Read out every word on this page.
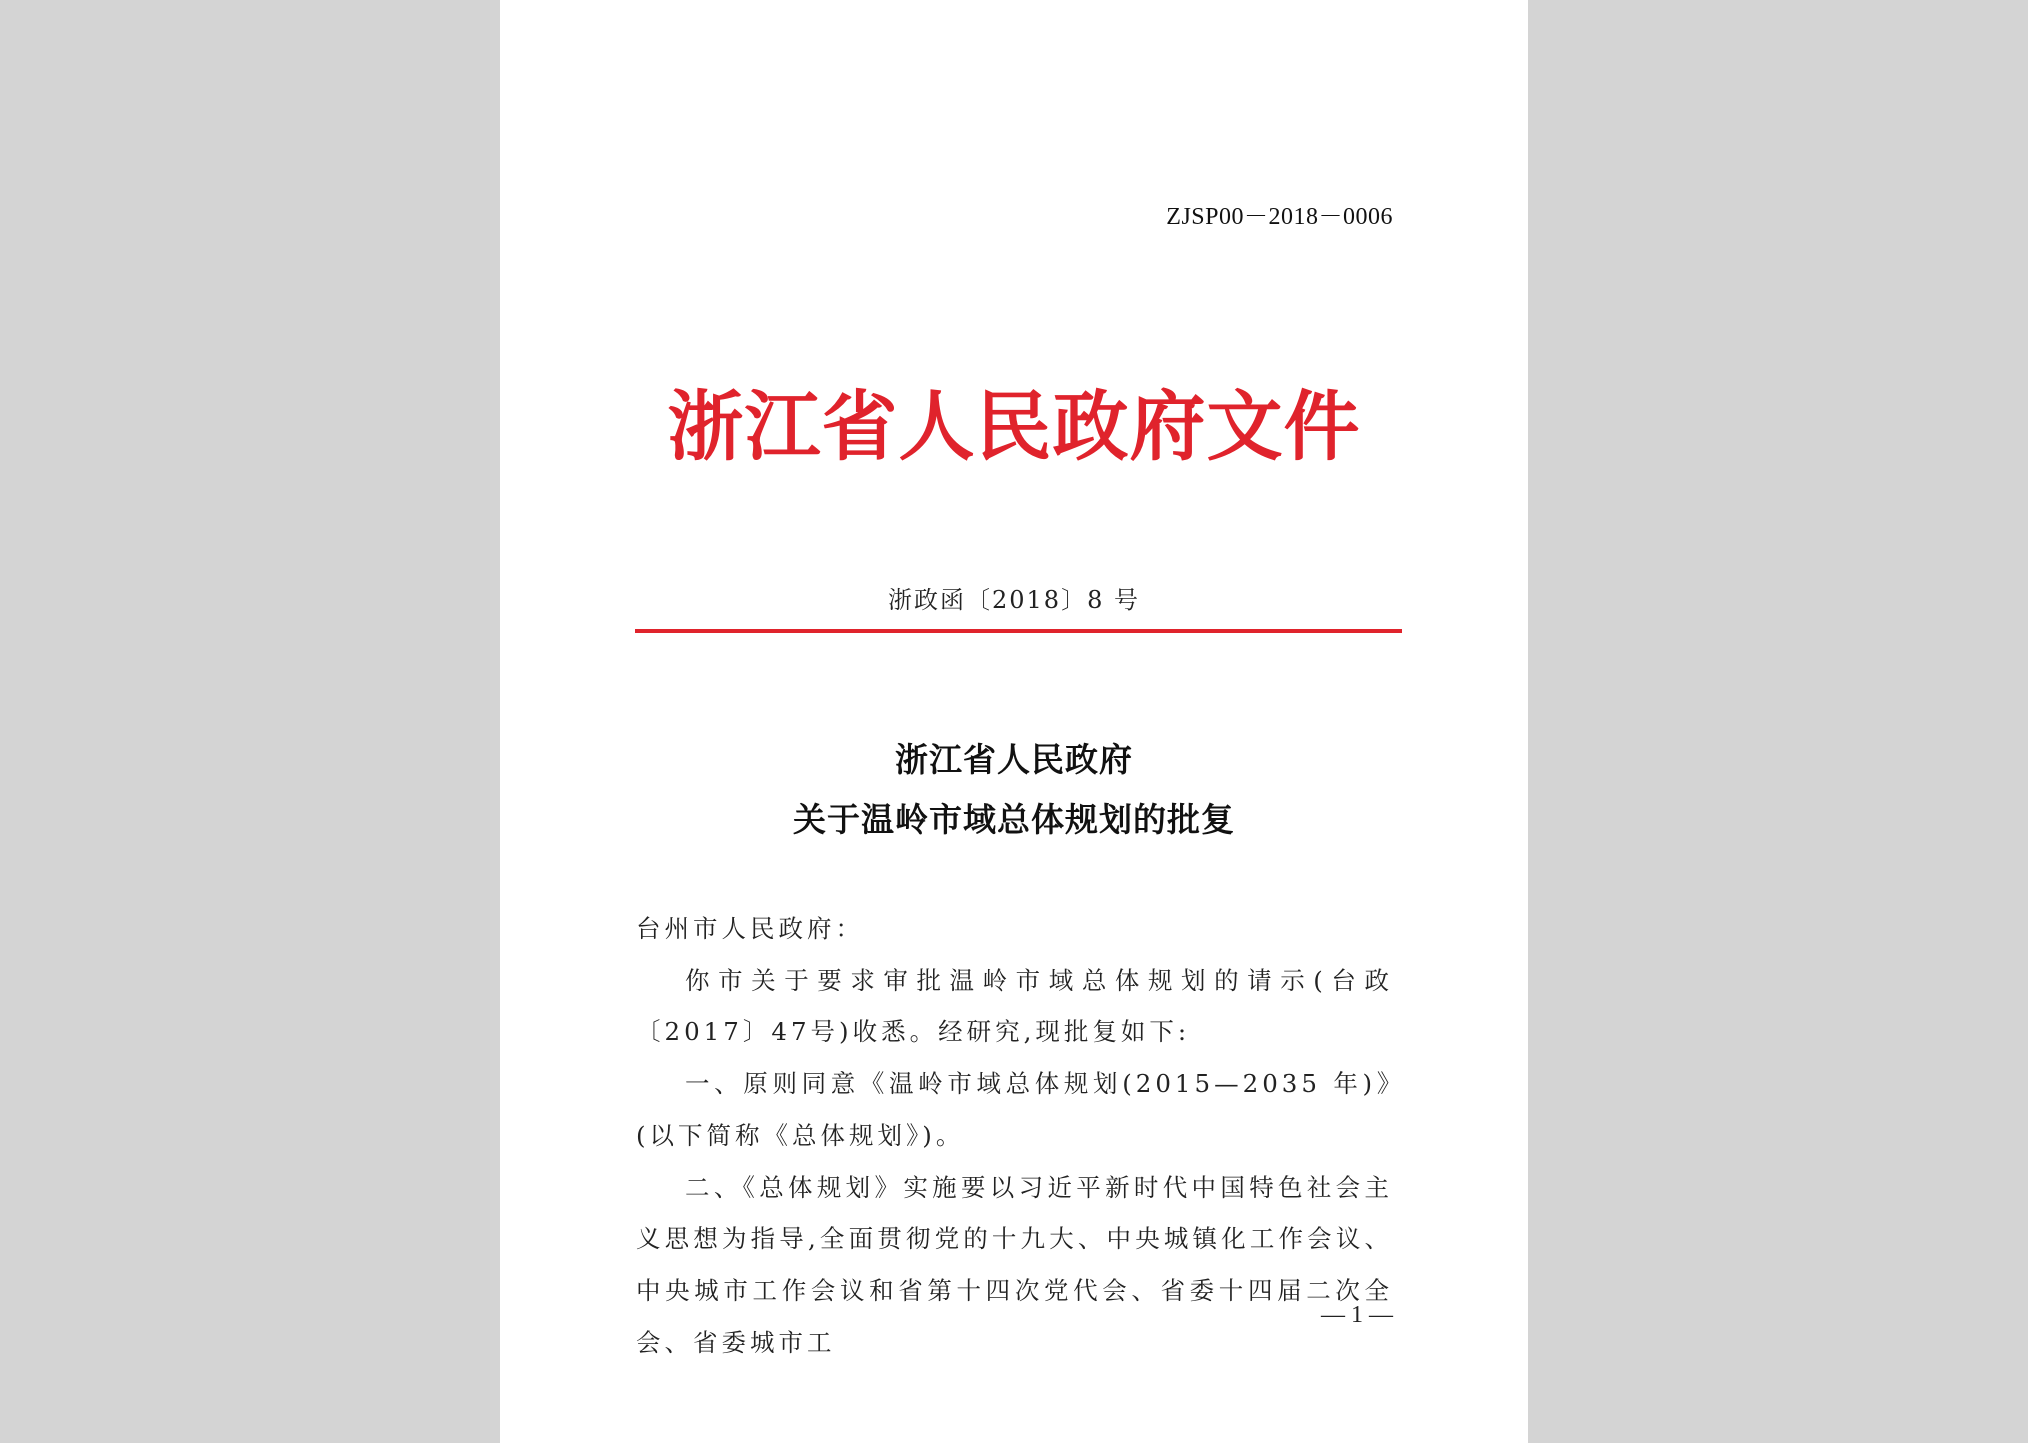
ZJSP00－2018－0006
浙江省人民政府文件
浙政函〔2018〕8 号
浙江省人民政府
关于温岭市域总体规划的批复

台州市人民政府：

你市关于要求审批温岭市域总体规划的请示(台政〔2017〕47号)收悉。经研究,现批复如下:

一、原则同意《温岭市域总体规划(2015—2035 年)》(以下简称《总体规划》)。

二、《总体规划》实施要以习近平新时代中国特色社会主义思想为指导,全面贯彻党的十九大、中央城镇化工作会议、中央城市工作会议和省第十四次党代会、省委十四届二次全会、省委城市工

— 1 —
